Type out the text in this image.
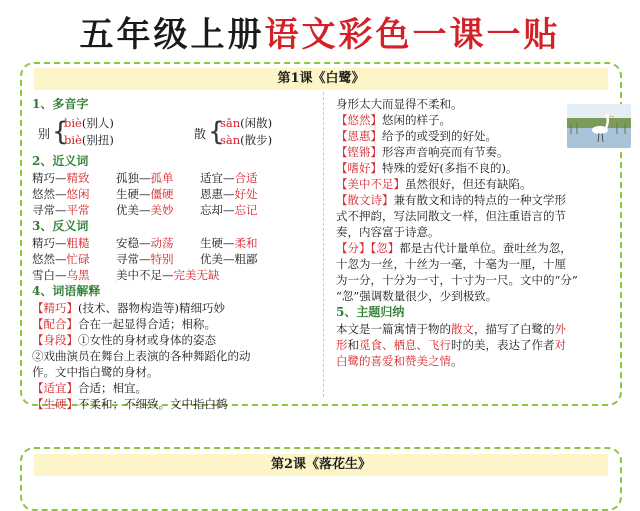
五年级上册语文彩色一课一贴
第1课《白鹭》
1、多音字
别 {
biè(别人)
biè(别扭)	散 {
sǎn(闲散)
sàn(散步)
2、近义词
精巧—精致 孤独—孤单 适宜—合适
悠然—悠闲 生硬—僵硬 恩惠—好处
寻常—平常 优美—美妙 忘却—忘记
3、反义词
精巧—粗糙 安稳—动荡 生硬—柔和
悠然—忙碌 寻常—特别 优美—粗鄙
雪白—乌黑 美中不足—完美无缺
4、词语解释
【精巧】(技术、器物构造等)精细巧妙
【配合】合在一起显得合适；相称。
【身段】①女性的身材或身体的姿态
②戏曲演员在舞台上表演的各种舞蹈化的动
作。文中指白鹭的身材。
【适宜】合适；相宜。
【生硬】不柔和；不细致。文中指白鹤
身形太大而显得不柔和。
【悠然】悠闲的样子。
【恩惠】给予的或受到的好处。
【铿锵】形容声音响亮而有节奏。
【嗜好】特殊的爱好(多指不良的)。
【美中不足】虽然很好，但还有缺陷。
【散文诗】兼有散文和诗的特点的一种文学形
式不押韵，写法同散文一样，但注重语言的节
奏，内容富于诗意。
【分】【忽】都是古代计量单位。蚕吐丝为忽，
十忽为一丝，十丝为一毫，十毫为一厘，十厘
为一分，十分为一寸，十寸为一尺。文中的“分”
“忽”强调数量很少，少到极致。
5、主题归纳
本文是一篇寓情于物的散文，描写了白鹭的外
形和觅食、栖息、飞行时的美，表达了作者对
白鹭的喜爱和赞美之情。
第2课《落花生》
